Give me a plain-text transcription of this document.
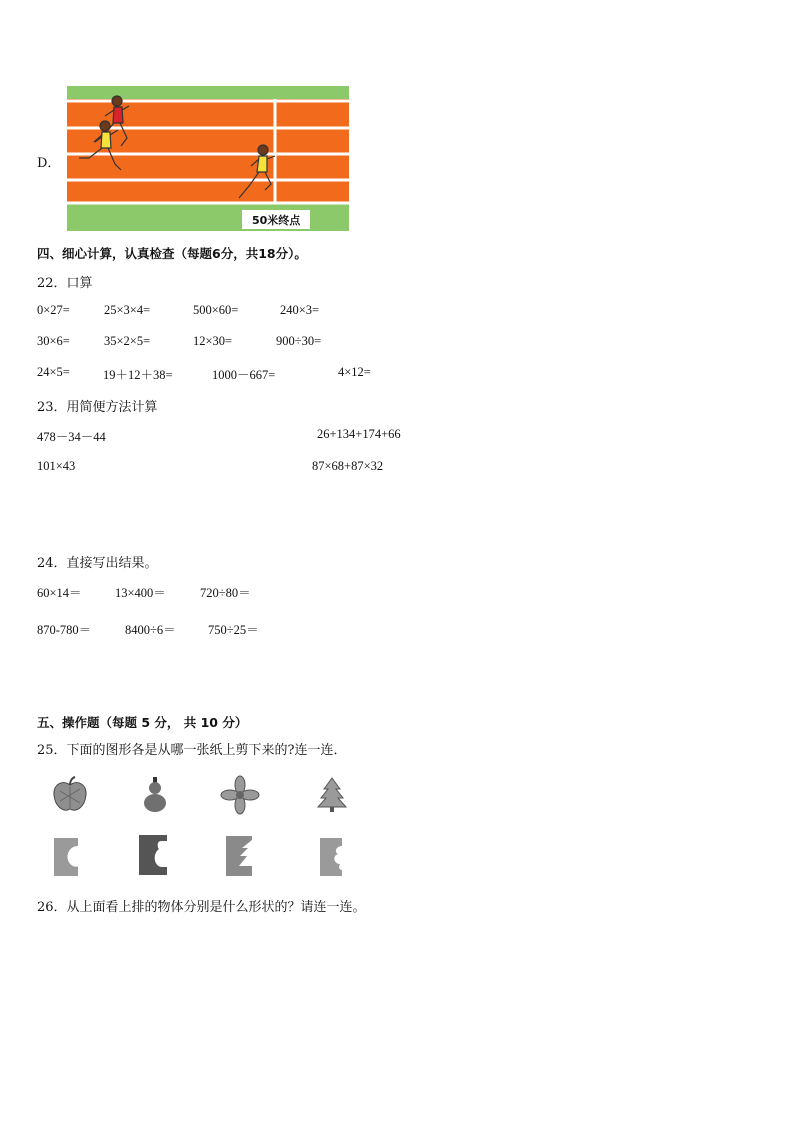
D．
50米终点
四、细心计算，认真检查（每题6分，共18分）。
22．口算
0×27=	25×3×4=	500×60=	240×3=
30×6=	35×2×5=	12×30=	900÷30=
24×5=	19＋12＋38=	1000－667=	4×12=
23．用简便方法计算
478－34－44	26+134+174+66
101×43	87×68+87×32
24．直接写出结果。
60×14＝	13×400＝	720÷80＝
870-780＝	8400÷6＝	750÷25＝
五、操作题（每题 5 分， 共 10 分）
25．下面的图形各是从哪一张纸上剪下来的?连一连．
26．从上面看上排的物体分别是什么形状的？请连一连。
